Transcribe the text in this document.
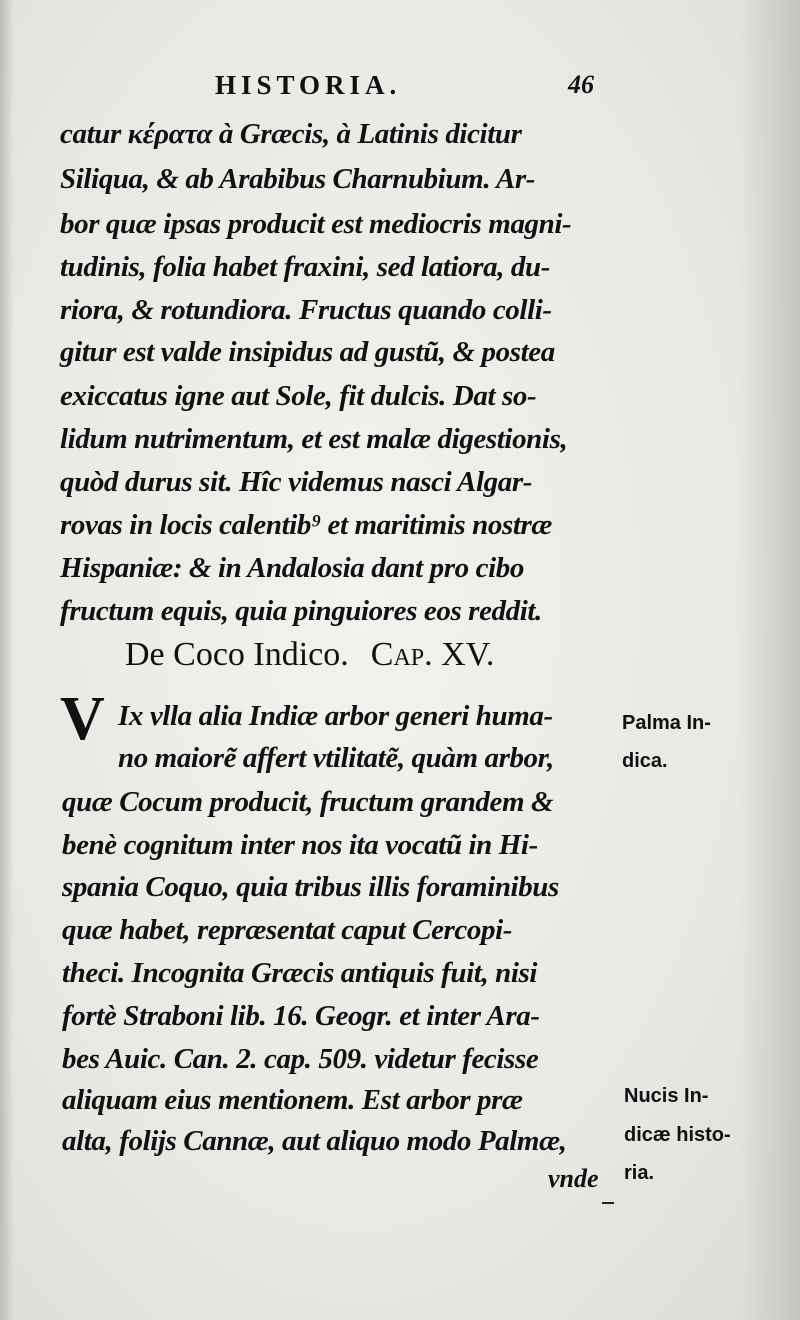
HISTORIA.	46
catur κέρατα à Græcis, à Latinis dicitur
Siliqua, & ab Arabibus Charnubium. Ar-
bor quæ ipsas producit est mediocris magni-
tudinis, folia habet fraxini, sed latiora, du-
riora, & rotundiora. Fructus quando colli-
gitur est valde insipidus ad gustũ, & postea
exiccatus igne aut Sole, fit dulcis. Dat so-
lidum nutrimentum, et est malæ digestionis,
quòd durus sit. Hîc videmus nasci Algar-
rovas in locis calentib⁹ et maritimis nostræ
Hispaniæ: & in Andalosia dant pro cibo
fructum equis, quia pinguiores eos reddit.
De Coco Indico. Cap. XV.
V Ix vlla alia Indiæ arbor generi huma-
no maiorẽ affert vtilitatẽ, quàm arbor,
quæ Cocum producit, fructum grandem &
benè cognitum inter nos ita vocatũ in Hi-
spania Coquo, quia tribus illis foraminibus
quæ habet, repræsentat caput Cercopi-
theci. Incognita Græcis antiquis fuit, nisi
fortè Straboni lib. 16. Geogr. et inter Ara-
bes Auic. Can. 2. cap. 509. videtur fecisse
aliquam eius mentionem. Est arbor præ
alta, folijs Cannæ, aut aliquo modo Palmæ,
Palma In-
dica.
Nucis In-
dicæ histo-
ria.
vnde
